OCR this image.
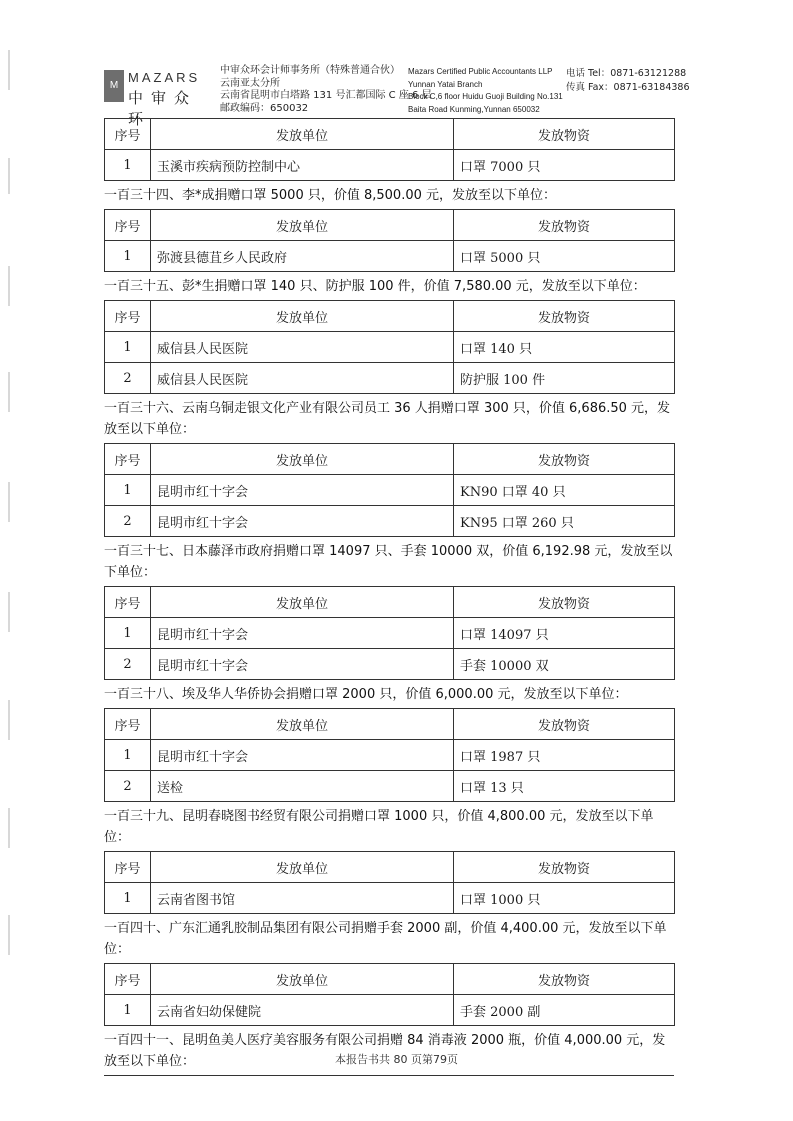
M
MAZARS
中审众环
中审众环会计师事务所（特殊普通合伙）
云南亚太分所
云南省昆明市白塔路 131 号汇都国际 C 座 6 层
邮政编码：650032
Mazars Certified Public Accountants LLP
Yunnan Yatai Branch
Block C,6 floor Huidu Guoji Building No.131
Baita Road Kunming,Yunnan 650032
电话 Tel：0871-63121288
传真 Fax：0871-63184386
序号	发放单位	发放物资
1	玉溪市疾病预防控制中心	口罩 7000 只
一百三十四、李*成捐赠口罩 5000 只，价值 8,500.00 元，发放至以下单位：
序号	发放单位	发放物资
1	弥渡县德苴乡人民政府	口罩 5000 只
一百三十五、彭*生捐赠口罩 140 只、防护服 100 件，价值 7,580.00 元，发放至以下单位：
序号	发放单位	发放物资
1	威信县人民医院	口罩 140 只
2	威信县人民医院	防护服 100 件
一百三十六、云南乌铜走银文化产业有限公司员工 36 人捐赠口罩 300 只，价值 6,686.50 元，发放至以下单位：
序号	发放单位	发放物资
1	昆明市红十字会	KN90 口罩 40 只
2	昆明市红十字会	KN95 口罩 260 只
一百三十七、日本藤泽市政府捐赠口罩 14097 只、手套 10000 双，价值 6,192.98 元，发放至以下单位：
序号	发放单位	发放物资
1	昆明市红十字会	口罩 14097 只
2	昆明市红十字会	手套 10000 双
一百三十八、埃及华人华侨协会捐赠口罩 2000 只，价值 6,000.00 元，发放至以下单位：
序号	发放单位	发放物资
1	昆明市红十字会	口罩 1987 只
2	送检	口罩 13 只
一百三十九、昆明春晓图书经贸有限公司捐赠口罩 1000 只，价值 4,800.00 元，发放至以下单位：
序号	发放单位	发放物资
1	云南省图书馆	口罩 1000 只
一百四十、广东汇通乳胶制品集团有限公司捐赠手套 2000 副，价值 4,400.00 元，发放至以下单位：
序号	发放单位	发放物资
1	云南省妇幼保健院	手套 2000 副
一百四十一、昆明鱼美人医疗美容服务有限公司捐赠 84 消毒液 2000 瓶，价值 4,000.00 元，发放至以下单位：	本报告书共 80 页第79页
